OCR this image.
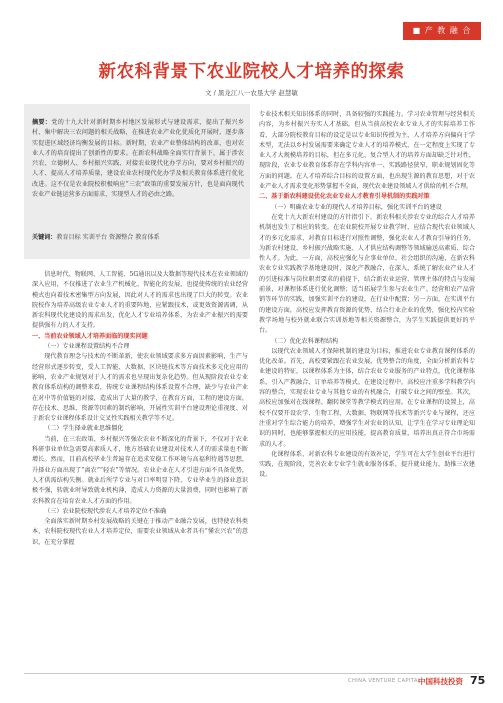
■ 产 教 融 合
新农科背景下农业院校人才培养的探索
文 / 黑龙江八一农垦大学 赵慧敏
摘要：党的十九大针对新时期乡村地区发展形式与建设需求，提出了振兴乡村、集中解决三农问题的相关战略，在推进农业产业化优质化开展时，逐步落实促进区域经济均衡发展的目标。新时期，农业产业整体结构的改革，也对农业人才的培育提出了创新性的要求。在新农科战略全面实行背景下，属于涉农兴农、立德树人、乡村振兴实践、对接农业现代化办学方向，要对乡村振兴的人才、提高人才培养质量，建设农业农村现代化办学及相关教育体系进行优化改进。这不仅是农业院校积极响应“三农”政策的重要发展方针，也是面向现代农业产业链运营多方面需求，实现型人才的必由之路。
关键词：教育目标 实训平台 资源整合 教育体系

信息时代、物联网、人工智能、5G通讯以及大数据等现代技术在农业领域的深入应用，不仅推进了农业生产机械化、智能化的发展，也提使传统的农业经营模式也向着技术密集型方向发展，因此对人才的需求也出现了巨大的转变。农业院校作为培养高级农业专业人才的重要阵地，应紧跟技术，或更效资源需调，从新农科现代化建设的需求出发，优化人才专业培养体系，为农业产业振兴的需要提供强有力的人才支持。

一、当前农业领域人才培养面临的现实问题
（一）专业课程设置结构不合理

现代教育理念与技术的不断革新，使农业领域要求多方面因素影响，生产与经营形式逐步转变，受人工智能、大数据、区块链技术等方面技术多元化应用的影响，农业产业规划对于人才的需求也呈现出复杂化趋势。但从现阶段农业专业教育体系结构的调整来看，传统专业课程结构体系设置不合理，缺少与农业产业在对中等价值链的对接，造成出了大量的教学，在教育方面，工程的建设方面，存在技术、思维、资源等因素的制约影响，开展性实训平台建设理论重视度、对于新农专业课程体系设计交叉性实践相关教学等不足。

（二）学生择业就业思维僵化

当前，在三农政策、乡村振兴等强农农业不断深化的背景下，不仅对于农业科研事业单位急需要高素质人才，地方基础农业建设对技术人才的需求量也不断增长。然而，目前高校毕业生普遍存在追求安稳工作环境与高福利待遇等思想，升择业方面出现了“离农”“轻农”等情况。农业企业在人才引进方面不具备优势，人才供需结构失衡。就业后所学专业与对口率明显下降，专业毕业生的择业意识极不强，转就业时导致就业机构薄，造成人力资源的大量浪费，同时也影响了新农科教育在培育农业人才方面的作用。

（三）农业院校现代涉农人才培养定位不准确

全面落实新时期乡村发展战略的关键在于推动产业融合发展，也特使农科类本，农科院校现代农业人才培养定位，需要农业领域从业者具有“懂农兴农”的意识，在充分掌握

专业技术相关知识体系的同时，具备较强的实践能力。学习农业管理与经营相关内容，为乡村振兴夯实人才基础。但从当前高校农业专业人才的实际培养工作看，大部分院校教育目标的设定是以专业知识传授为主，人才培养方向偏向于学术型，无法以乡村发展需要来确定专业人才的培养模式，在一定程度上实现了专业人才大规模培养的目标，但在多元化、复合型人才的培养方面却缺乏针对性，现阶段，农业专业教育体系存在学科内容单一、实践路径狭窄，职业规划固化等方面的问题。在人才培养综合目标的设置方面，也出现生源的教育思想，对于农业产业人才需求变化形势掌握不全面，现代农业建设领域人才供给的机不合理。

二、基于新农科建设优化农业专业人才教育引导机制的实践对策
（一）明确农业专业的现代人才培养目标，强化实训平台的建设

在党十九大新农村建设的方针指引下，新农科相关涉农专业的综合人才培养机制也发生了相应的转变。在农业院校开展专业教学时，应结合现代农业领域人才的多元化需求，对教育目标进行对照性调整，强化农业人才教育引导的任务，为新农村建设、乡村振兴战略实施、人才供应结构调整等领域输送高素质、综合性人才。为此，一方面，高校应强化与企事业单位、社会组织的沟通，在新农科农业专业实践教学基地建设时，深化产教融合，在深入、系统了解农业产业人才的引进标准与岗位职责要求的前提下，结合新农业运营、管理主体的特点与发展前景，对课程体系进行优化调整；适当拓展学生参与农业生产、经营和农产品营销等环节的实践，加强实训平台的建设，在行业中配置；另一方面，在实训平台的建设方面，高校应发挥教育资源的优势，结合行业企业的优势，强化校内实验教学场地与校外就业联合实训基地等相关资源整合，为学生实践提供更好的平台。

（二）优化农科课程结构

以现代农业领域人才保障机制的建设为目标，推进农业专业教育课程体系的优化改革。首先，高校要紧跟在农业发展，优势整合的角度，全面分析新农科专业建设的特征，以课程体系为主体，结合农业专业服务的产业特点，优化课程体系，引入产教融合、订单培养等模式。在建设过程中，高校应注重多学科教学内容的整合，实现农业专业与其他专业的有机融合，打破专业之间的壁垒。其次，高校应加强对在线课程、翻转课堂等教学模式的应用。在专业课程的设置上，高校不仅要开设农学、生物工程、大数据、物联网等技术等新兴专业与课程，还应注重对学生综合能力的培养，增强学生对农业的认知，让学生在学习专业理论知识的同时，也能够掌握相关的应用技能，提高教育质量，培养出真正符合市场需求的人才。

化课程体系，对新农科专业建设的有效补足，学生可在大学生创业平台进行实践，在现阶段，完善农业专业学生就业服务体系，提升就业能力，助推三农建设。

CHINA VENTURE CAPITAL
中国科技投资 75
